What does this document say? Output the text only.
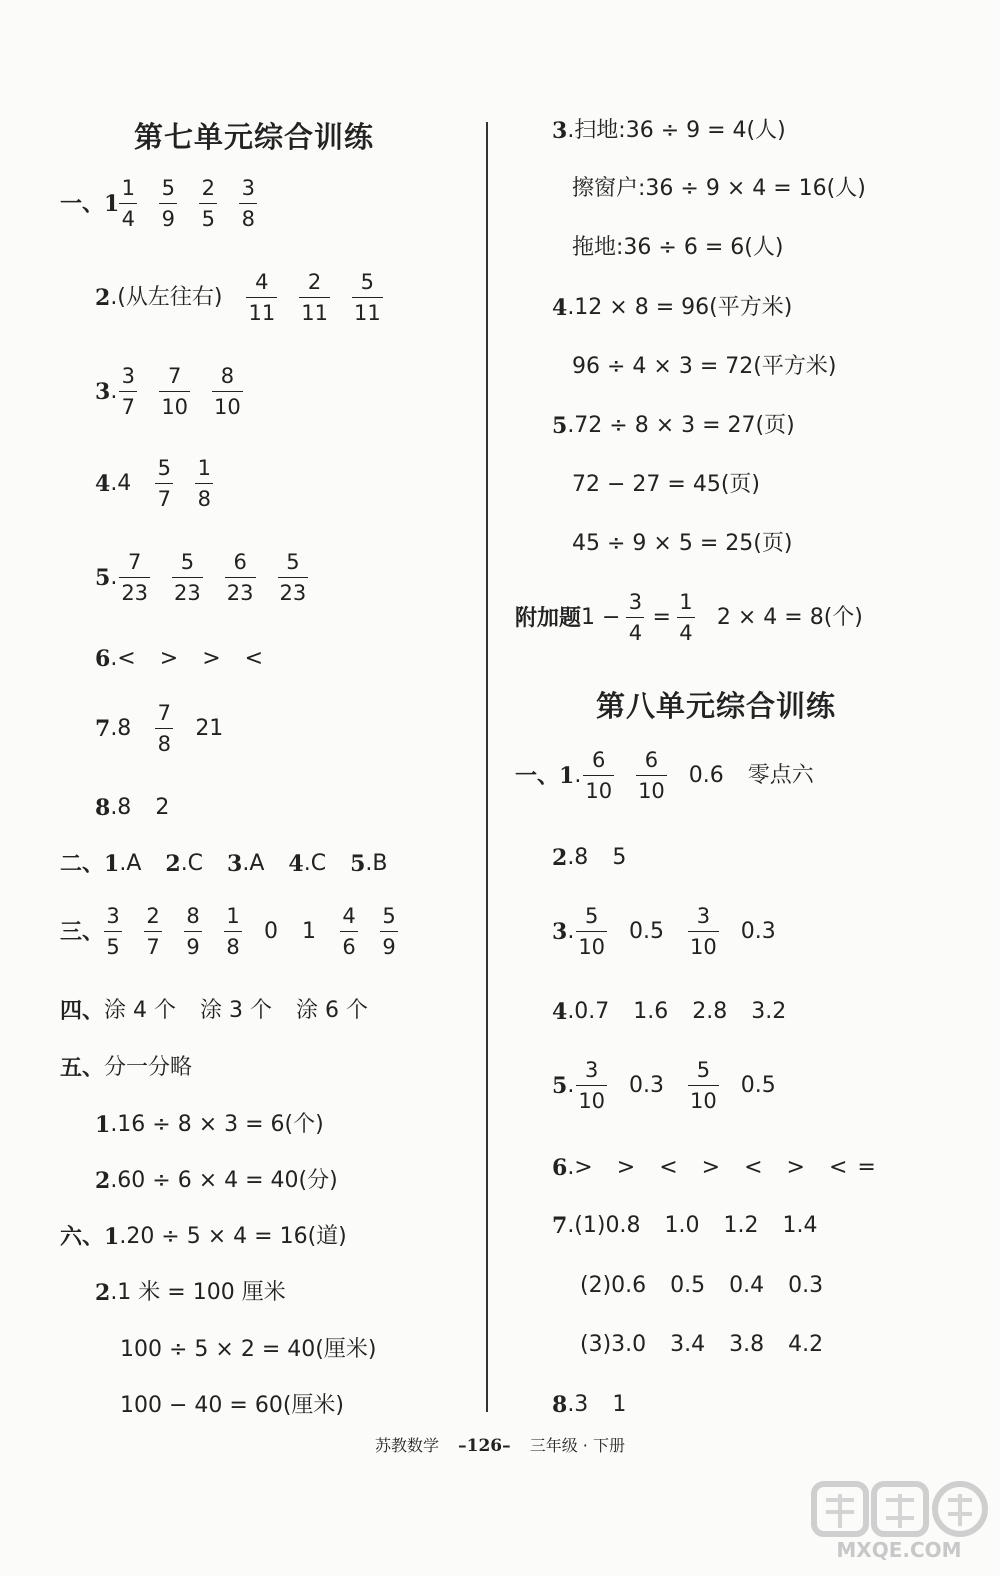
第七单元综合训练
第八单元综合训练
一、 $1 \frac{1}{4} \frac{5}{9} \frac{2}{5} \frac{3}{8}$
2 .(从左往右) $\frac{4}{11} \frac{2}{11} \frac{5}{11}$
3 . $\frac{3}{7} \frac{7}{10} \frac{8}{10}$
4 $.4 \frac{5}{7} \frac{1}{8}$
5 . $\frac{7}{23} \frac{5}{23} \frac{6}{23} \frac{5}{23}$
6 .< > > <
7 $.8 \frac{7}{8} 21$
8 .8 2
二、 1 .A 2 .C 3 .A 4 .C 5 .B
三、 $\frac{3}{5} \frac{2}{7} \frac{8}{9} \frac{1}{8} 0$ $1 \frac{4}{6} \frac{5}{9}$
四、 涂 4 个 涂 3 个 涂 6 个
五、 分一分略
1 .16 ÷ 8 × 3 = 6(个)
2 .60 ÷ 6 × 4 = 40(分)
六、 1 .20 ÷ 5 × 4 = 16(道)
2 .1 米 = 100 厘米
100 ÷ 5 × 2 = 40(厘米)
100 − 40 = 60(厘米)
3 .扫地:36 ÷ 9 = 4(人)
擦窗户:36 ÷ 9 × 4 = 16(人)
拖地:36 ÷ 6 = 6(人)
4 .12 × 8 = 96(平方米)
96 ÷ 4 × 3 = 72(平方米)
5 .72 ÷ 8 × 3 = 27(页)
72 − 27 = 45(页)
45 ÷ 9 × 5 = 25(页)
附加题 $1 - \frac{3}{4} = \frac{1}{4} 2 \times 4 = 8$(个)
一、 1 . $\frac{6}{10} \frac{6}{10} 0.6$ 零点六
2 .8 5
3 . $\frac{5}{10} 0.5 \frac{3}{10} 0.3$
4 .0.7 1.6 2.8 3.2
5 . $\frac{3}{10} 0.3 \frac{5}{10} 0.5$
6 .> > < > < > < =
7 .(1)0.8 1.0 1.2 1.4
(2)0.6 0.5 0.4 0.3
(3)3.0 3.4 3.8 4.2
8 .3 1
苏教数学 –126– 三年级 · 下册
MXQE.COM
